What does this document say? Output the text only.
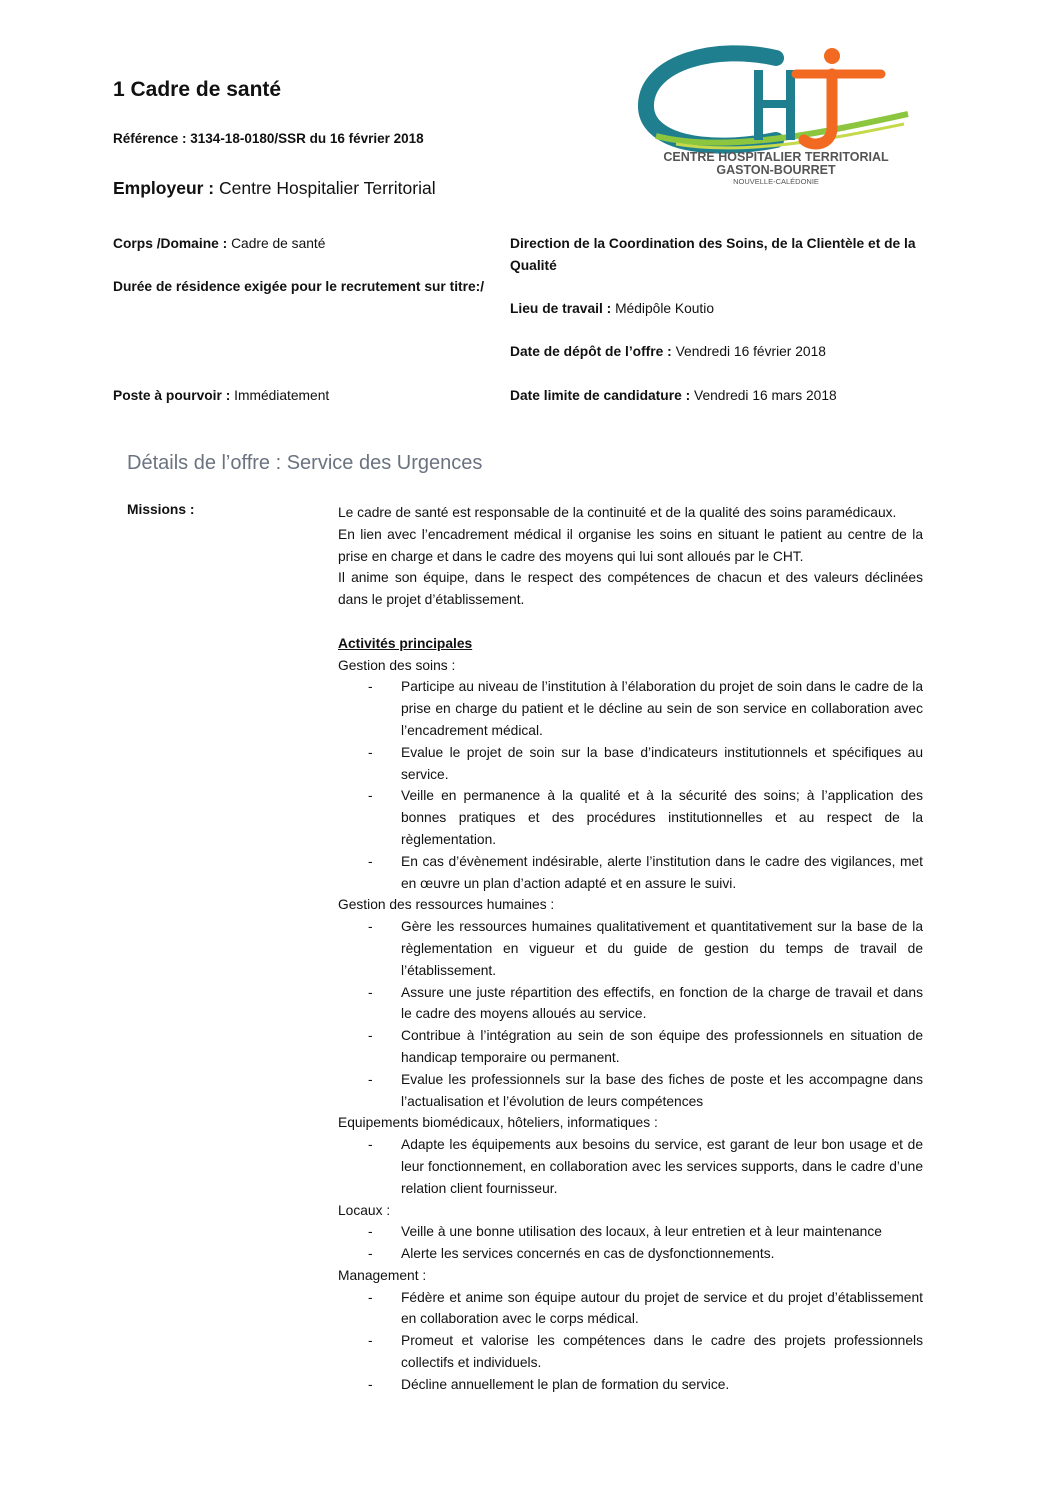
1 Cadre de santé
Référence : 3134-18-0180/SSR du 16 février 2018
Employeur : Centre Hospitalier Territorial
CENTRE HOSPITALIER TERRITORIAL
GASTON-BOURRET
NOUVELLE-CALÉDONIE
Corps /Domaine : Cadre de santé
Durée de résidence exigée pour le recrutement sur titre:/
Poste à pourvoir : Immédiatement
Direction de la Coordination des Soins, de la Clientèle et de la Qualité
Lieu de travail : Médipôle Koutio
Date de dépôt de l’offre : Vendredi 16 février 2018
Date limite de candidature : Vendredi 16 mars 2018
Détails de l’offre : Service des Urgences
Missions :	Le cadre de santé est responsable de la continuité et de la qualité des soins paramédicaux.

En lien avec l’encadrement médical il organise les soins en situant le patient au centre de la prise en charge et dans le cadre des moyens qui lui sont alloués par le CHT.

Il anime son équipe, dans le respect des compétences de chacun et des valeurs déclinées dans le projet d’établissement.

Activités principales
Gestion des soins :
- Participe au niveau de l’institution à l’élaboration du projet de soin dans le cadre de la prise en charge du patient et le décline au sein de son service en collaboration avec l’encadrement médical.
- Evalue le projet de soin sur la base d’indicateurs institutionnels et spécifiques au service.
- Veille en permanence à la qualité et à la sécurité des soins; à l’application des bonnes pratiques et des procédures institutionnelles et au respect de la règlementation.
- En cas d’évènement indésirable, alerte l’institution dans le cadre des vigilances, met en œuvre un plan d’action adapté et en assure le suivi.
Gestion des ressources humaines :
- Gère les ressources humaines qualitativement et quantitativement sur la base de la règlementation en vigueur et du guide de gestion du temps de travail de l’établissement.
- Assure une juste répartition des effectifs, en fonction de la charge de travail et dans le cadre des moyens alloués au service.
- Contribue à l’intégration au sein de son équipe des professionnels en situation de handicap temporaire ou permanent.
- Evalue les professionnels sur la base des fiches de poste et les accompagne dans l’actualisation et l’évolution de leurs compétences
Equipements biomédicaux, hôteliers, informatiques :
- Adapte les équipements aux besoins du service, est garant de leur bon usage et de leur fonctionnement, en collaboration avec les services supports, dans le cadre d’une relation client fournisseur.
Locaux :
- Veille à une bonne utilisation des locaux, à leur entretien et à leur maintenance
- Alerte les services concernés en cas de dysfonctionnements.
Management :
- Fédère et anime son équipe autour du projet de service et du projet d’établissement en collaboration avec le corps médical.
- Promeut et valorise les compétences dans le cadre des projets professionnels collectifs et individuels.
- Décline annuellement le plan de formation du service.
